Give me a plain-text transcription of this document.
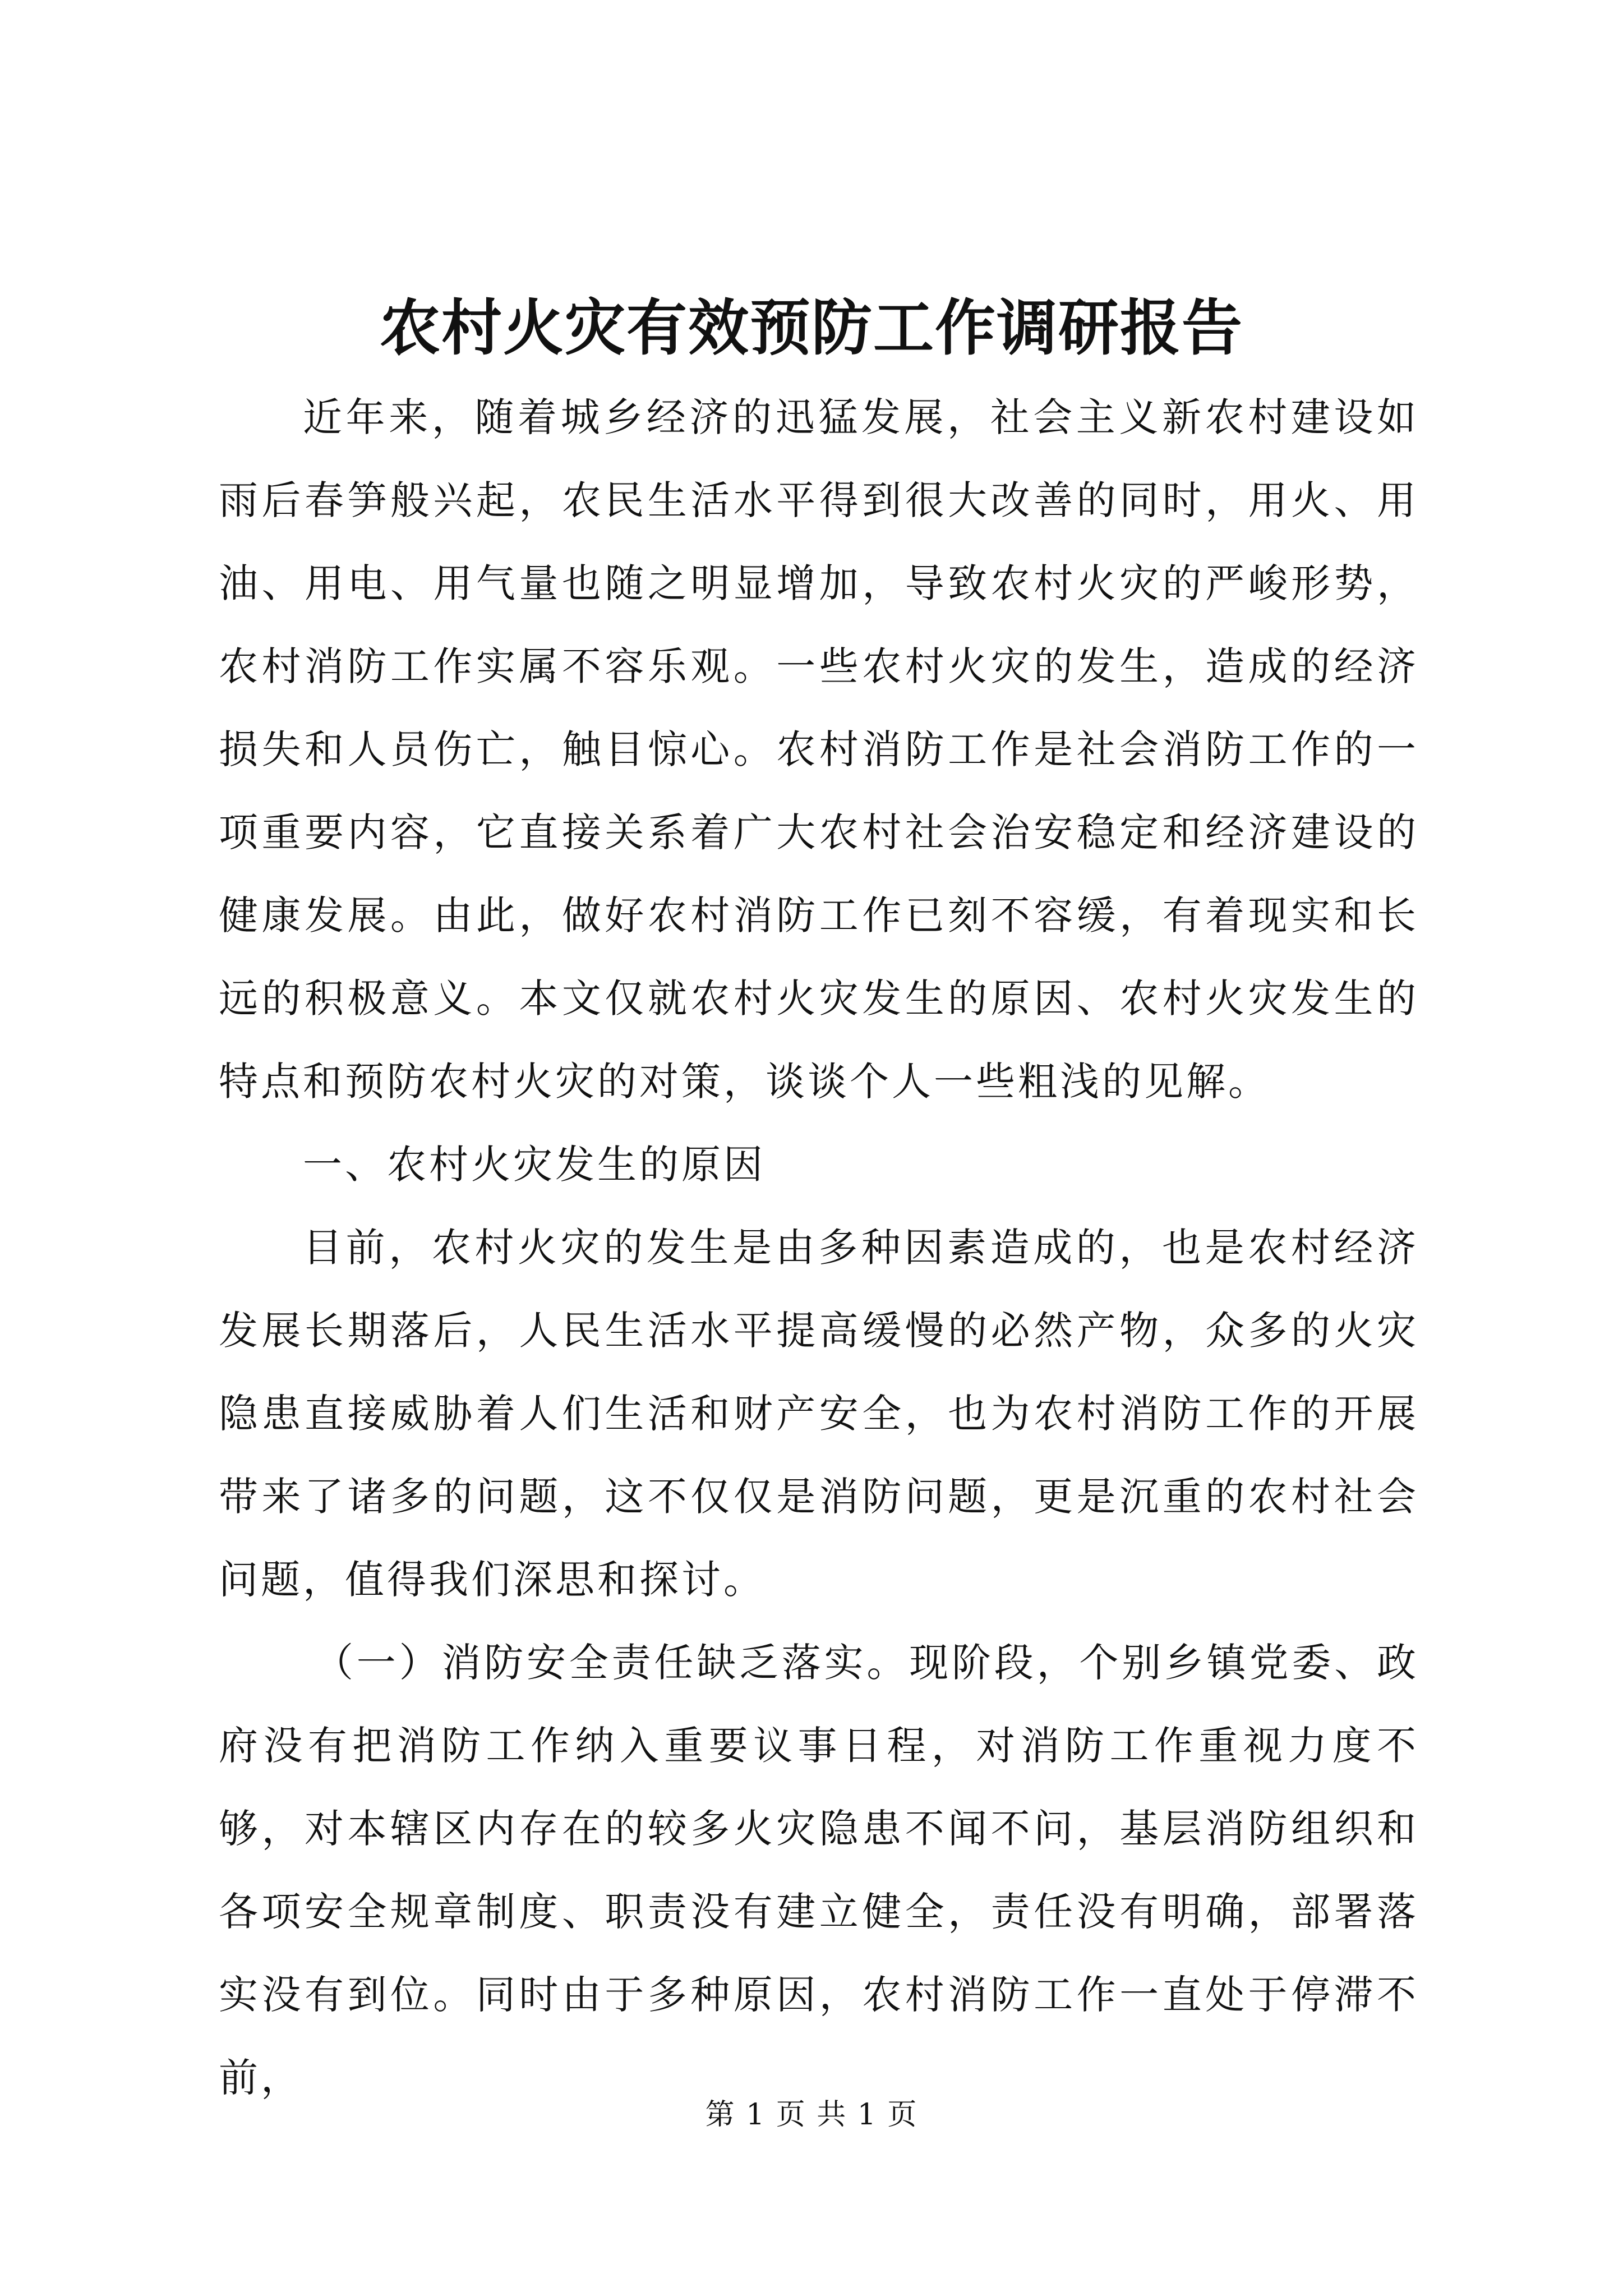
农村火灾有效预防工作调研报告

近年来，随着城乡经济的迅猛发展，社会主义新农村建设如雨后春笋般兴起，农民生活水平得到很大改善的同时，用火、用油、用电、用气量也随之明显增加，导致农村火灾的严峻形势，农村消防工作实属不容乐观。一些农村火灾的发生，造成的经济损失和人员伤亡，触目惊心。农村消防工作是社会消防工作的一项重要内容，它直接关系着广大农村社会治安稳定和经济建设的健康发展。由此，做好农村消防工作已刻不容缓，有着现实和长远的积极意义。本文仅就农村火灾发生的原因、农村火灾发生的特点和预防农村火灾的对策，谈谈个人一些粗浅的见解。

一、农村火灾发生的原因

目前，农村火灾的发生是由多种因素造成的，也是农村经济发展长期落后，人民生活水平提高缓慢的必然产物，众多的火灾隐患直接威胁着人们生活和财产安全，也为农村消防工作的开展带来了诸多的问题，这不仅仅是消防问题，更是沉重的农村社会问题，值得我们深思和探讨。

（一）消防安全责任缺乏落实。现阶段，个别乡镇党委、政府没有把消防工作纳入重要议事日程，对消防工作重视力度不够，对本辖区内存在的较多火灾隐患不闻不问，基层消防组织和各项安全规章制度、职责没有建立健全，责任没有明确，部署落实没有到位。同时由于多种原因，农村消防工作一直处于停滞不前，

第 1 页 共 1 页
